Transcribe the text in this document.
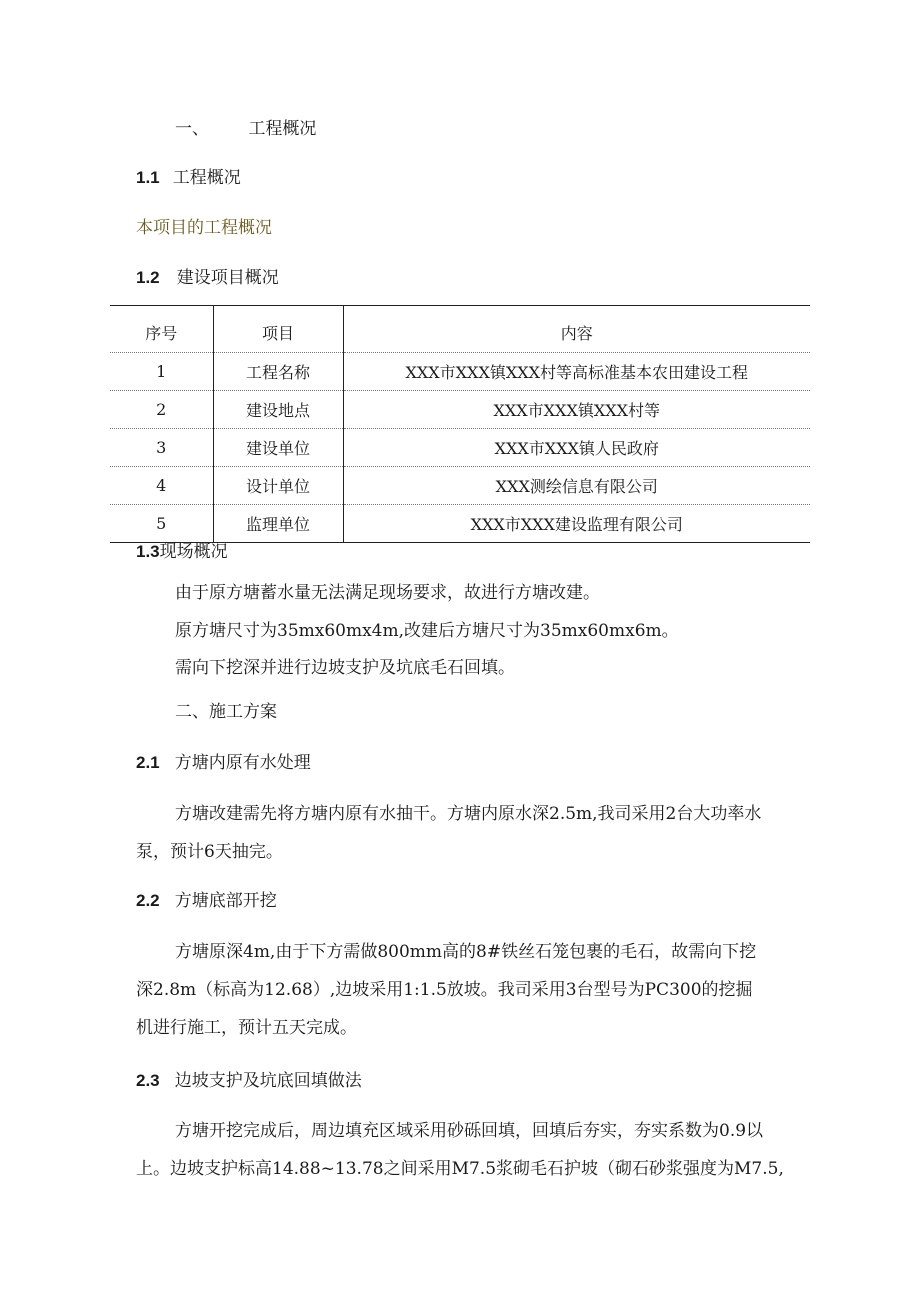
一、 工程概况
1.1 工程概况
本项目的工程概况
1.2 建设项目概况
序号	项目	内容
1	工程名称	XXX市XXX镇XXX村等高标准基本农田建设工程
2	建设地点	XXX市XXX镇XXX村等
3	建设单位	XXX市XXX镇人民政府
4	设计单位	XXX测绘信息有限公司
5	监理单位	XXX市XXX建设监理有限公司
1.3现场概况
由于原方塘蓄水量无法满足现场要求，故进行方塘改建。
原方塘尺寸为35mx60mx4m,改建后方塘尺寸为35mx60mx6m。
需向下挖深并进行边坡支护及坑底毛石回填。
二、施工方案
2.1 方塘内原有水处理
方塘改建需先将方塘内原有水抽干。方塘内原水深2.5m,我司采用2台大功率水
泵，预计6天抽完。
2.2 方塘底部开挖
方塘原深4m,由于下方需做800mm高的8#铁丝石笼包裹的毛石，故需向下挖
深2.8m（标高为12.68）,边坡采用1:1.5放坡。我司采用3台型号为PC300的挖掘
机进行施工，预计五天完成。
2.3 边坡支护及坑底回填做法
方塘开挖完成后，周边填充区域采用砂砾回填，回填后夯实，夯实系数为0.9以
上。边坡支护标高14.88~13.78之间采用M7.5浆砌毛石护坡（砌石砂浆强度为M7.5,
